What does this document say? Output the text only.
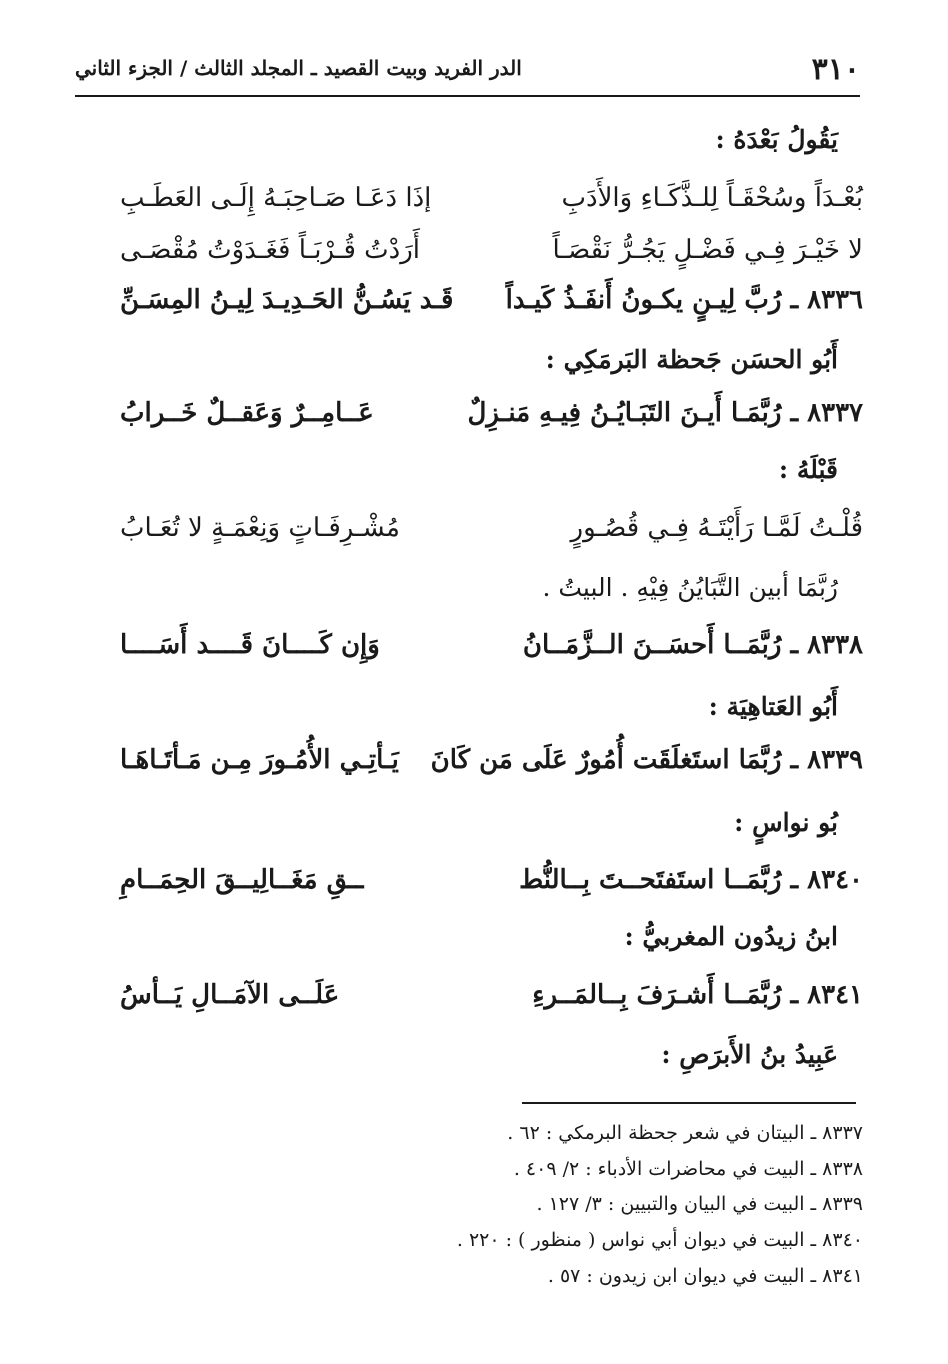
٣١٠
الدر الفريد وبيت القصيد ـ المجلد الثالث / الجزء الثاني
يَقُولُ بَعْدَهُ :
بُعْـدَاً وسُحْقَـاً لِلـذَّكَـاءِ وَالأَدَبِ
إذَا دَعَـا صَـاحِبَـهُ إِلَـى العَطَـبِ
لا خَيْـرَ فِـي فَضْـلٍ يَجُـرُّ نَقْصَـاً
أَرَدْتُ قُـرْبَـاً فَغَـدَوْتُ مُقْصَـى
٨٣٣٦ ـ رُبَّ لِيـنٍ يكـونُ أَنفَـذُ كَيـداً
قَـد يَسُـنُّ الحَـدِيـدَ لِيـنُ المِسَـنِّ
أَبُو الحسَن جَحظة البَرمَكِي :
٨٣٣٧ ـ رُبَّمَـا أَيـنَ التَبَـايُـنُ فِيـهِ مَنـزِلٌ
عَــامِــرٌ وَعَقــلٌ خَــرابُ
قَبْلَهُ :
قُلْـتُ لَمَّـا رَأَيْتَـهُ فِـي قُصُـورٍ
مُشْـرِفَـاتٍ وَنِعْمَـةٍ لا تُعَـابُ
رُبَّمَا أبين التَّبَايُنُ فِيْهِ . البيتُ .
٨٣٣٨ ـ رُبَّمَــا أَحسَــنَ الــزَّمَــانُ
وَإِن كَــــانَ قَــــد أَسَــــا
أَبُو العَتاهِيَة :
٨٣٣٩ ـ رُبَّمَا استَغلَقَت أُمُورٌ عَلَى مَن كَانَ
يَـأتِـي الأُمُـورَ مِـن مَـأتَـاهَـا
بُو نواسٍ :
٨٣٤٠ ـ رُبَّمَــا استَفتَحــتَ بِــالنُّط
ــقِ مَغَــالِيــقَ الحِمَــامِ
ابنُ زيدُون المغربيُّ :
٨٣٤١ ـ رُبَّمَــا أَشـرَفَ بِــالمَــرءِ
عَلَــى الآمَــالِ يَــأسُ
عَبِيدُ بنُ الأَبرَصِ :
٨٣٣٧ ـ البيتان في شعر جحظة البرمكي : ٦٢ .
٨٣٣٨ ـ البيت في محاضرات الأدباء : ٢/ ٤٠٩ .
٨٣٣٩ ـ البيت في البيان والتبيين : ٣/ ١٢٧ .
٨٣٤٠ ـ البيت في ديوان أبي نواس ( منظور ) : ٢٢٠ .
٨٣٤١ ـ البيت في ديوان ابن زيدون : ٥٧ .
